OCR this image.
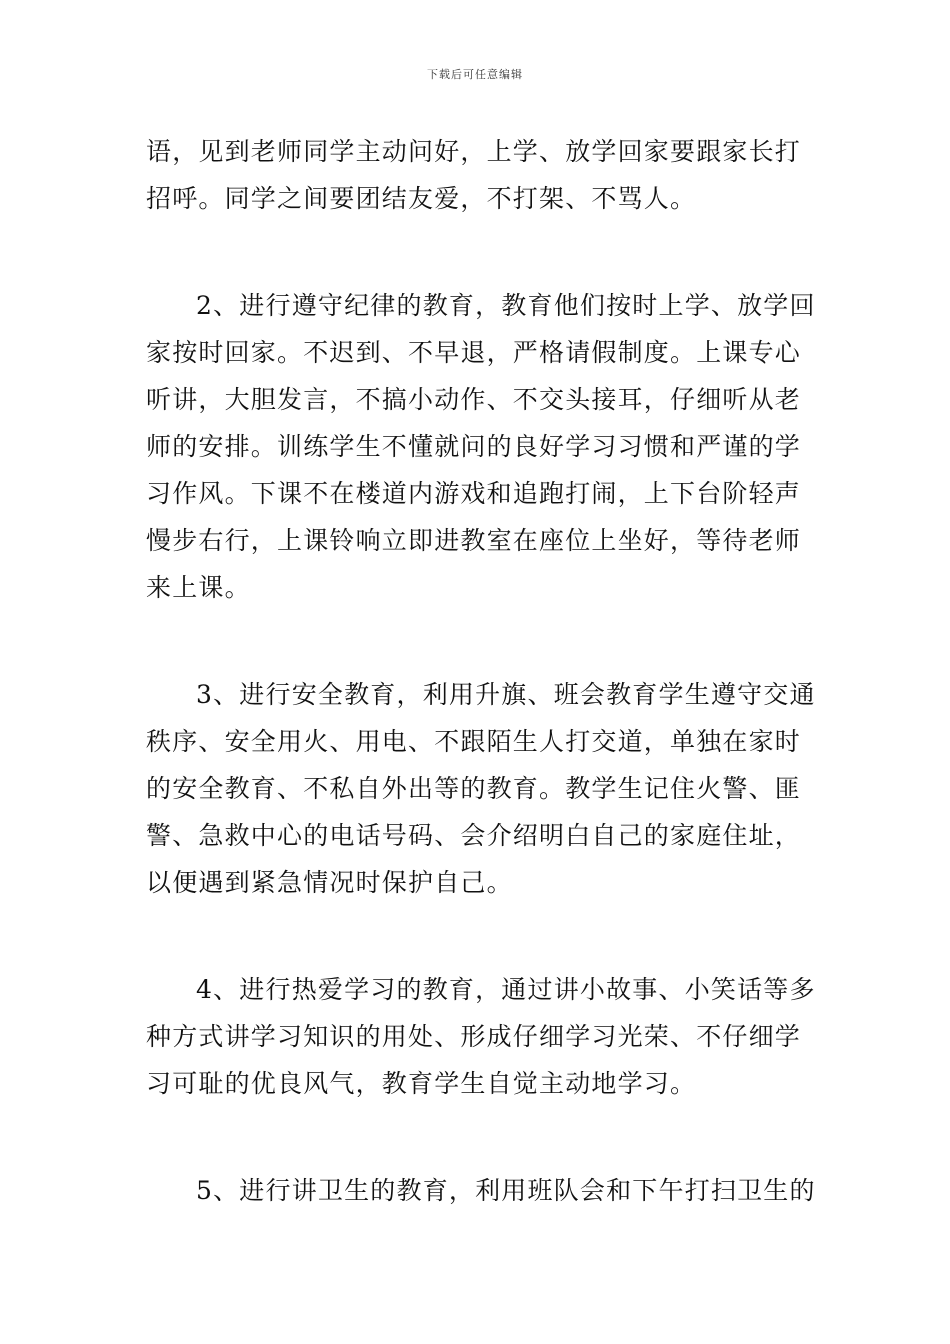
下载后可任意编辑

语，见到老师同学主动问好，上学、放学回家要跟家长打
招呼。同学之间要团结友爱，不打架、不骂人。

2、进行遵守纪律的教育，教育他们按时上学、放学回
家按时回家。不迟到、不早退，严格请假制度。上课专心
听讲，大胆发言，不搞小动作、不交头接耳，仔细听从老
师的安排。训练学生不懂就问的良好学习习惯和严谨的学
习作风。下课不在楼道内游戏和追跑打闹，上下台阶轻声
慢步右行，上课铃响立即进教室在座位上坐好，等待老师
来上课。

3、进行安全教育，利用升旗、班会教育学生遵守交通
秩序、安全用火、用电、不跟陌生人打交道，单独在家时
的安全教育、不私自外出等的教育。教学生记住火警、匪
警、急救中心的电话号码、会介绍明白自己的家庭住址，
以便遇到紧急情况时保护自己。

4、进行热爱学习的教育，通过讲小故事、小笑话等多
种方式讲学习知识的用处、形成仔细学习光荣、不仔细学
习可耻的优良风气，教育学生自觉主动地学习。

5、进行讲卫生的教育，利用班队会和下午打扫卫生的
